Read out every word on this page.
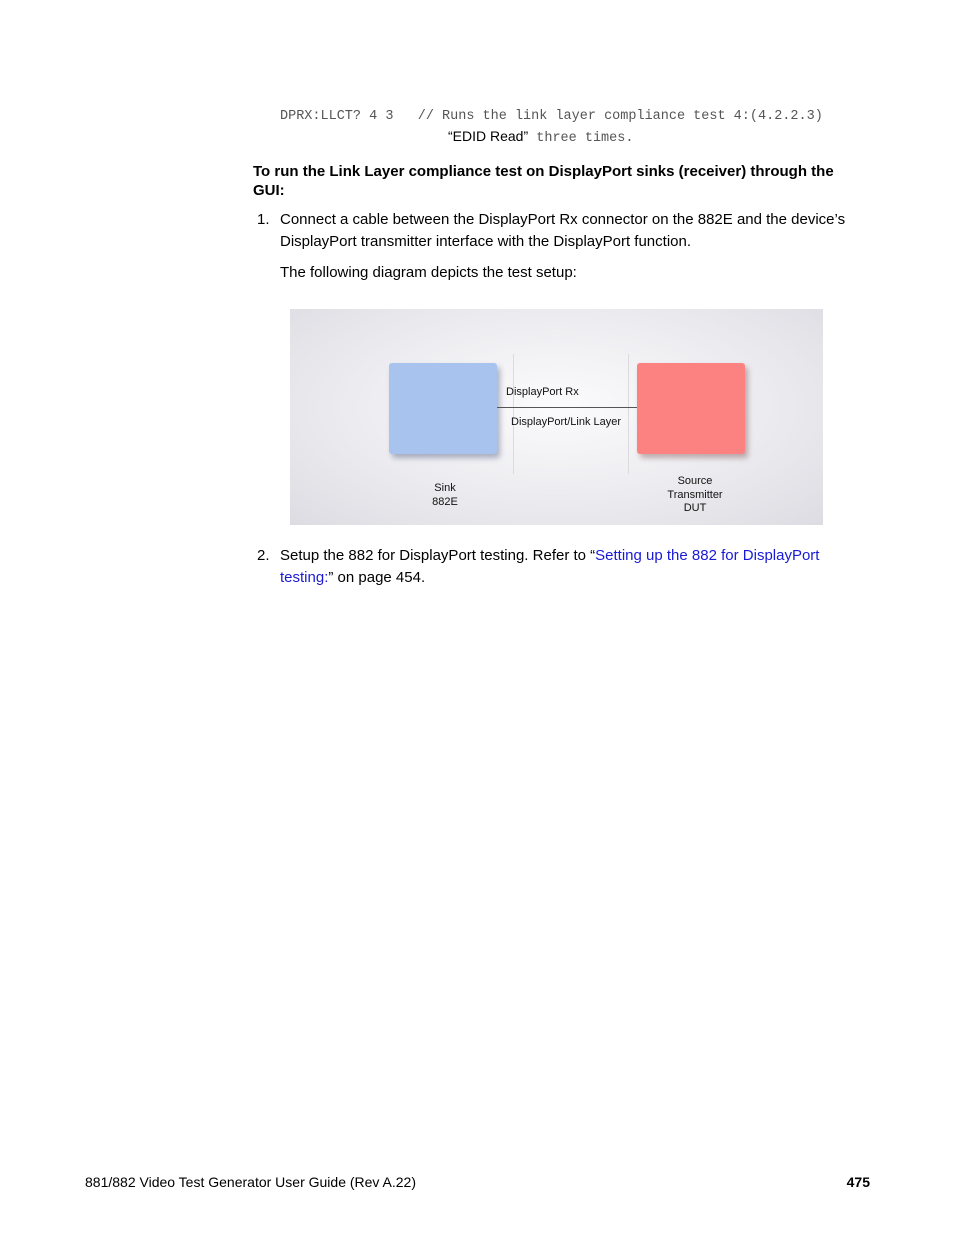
DPRX:LLCT? 4 3 // Runs the link layer compliance test 4:(4.2.2.3)
“EDID Read” three times.
To run the Link Layer compliance test on DisplayPort sinks (receiver) through the GUI:
1. Connect a cable between the DisplayPort Rx connector on the 882E and the device’s DisplayPort transmitter interface with the DisplayPort function.
The following diagram depicts the test setup:
DisplayPort Rx
DisplayPort/Link Layer
Sink
882E
Source
Transmitter
DUT
2. Setup the 882 for DisplayPort testing. Refer to “Setting up the 882 for DisplayPort testing:” on page 454.
881/882 Video Test Generator User Guide (Rev A.22)	475
